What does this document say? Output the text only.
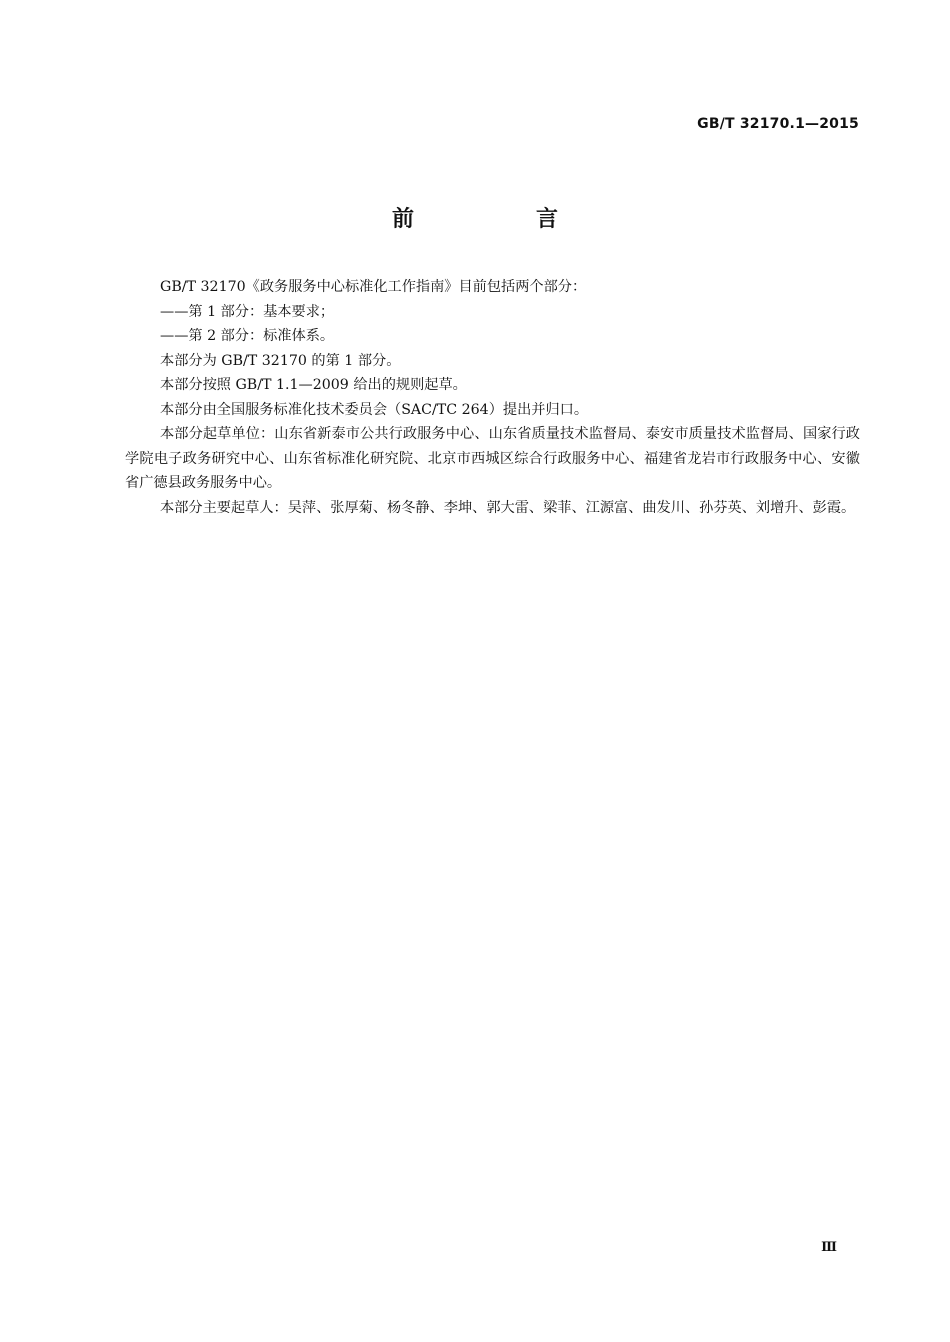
GB/T 32170.1—2015
前　言

GB/T 32170《政务服务中心标准化工作指南》目前包括两个部分：

——第 1 部分：基本要求；

——第 2 部分：标准体系。

本部分为 GB/T 32170 的第 1 部分。

本部分按照 GB/T 1.1—2009 给出的规则起草。

本部分由全国服务标准化技术委员会（SAC/TC 264）提出并归口。

本部分起草单位：山东省新泰市公共行政服务中心、山东省质量技术监督局、泰安市质量技术监督局、国家行政学院电子政务研究中心、山东省标准化研究院、北京市西城区综合行政服务中心、福建省龙岩市行政服务中心、安徽省广德县政务服务中心。

本部分主要起草人：吴萍、张厚菊、杨冬静、李坤、郭大雷、梁菲、江源富、曲发川、孙芬英、刘增升、彭霞。

Ⅲ
